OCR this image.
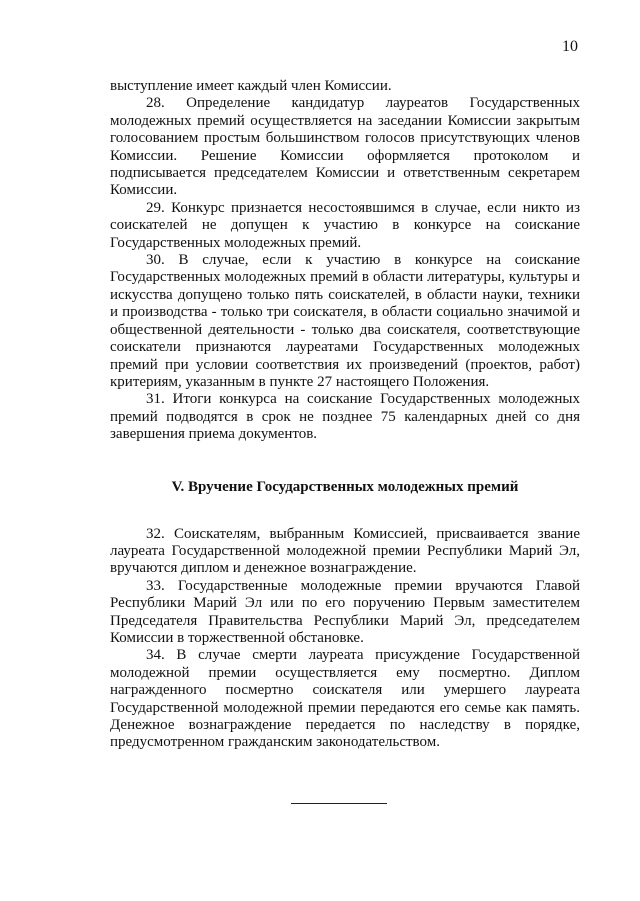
10

выступление имеет каждый член Комиссии.

28. Определение кандидатур лауреатов Государственных молодежных премий осуществляется на заседании Комиссии закрытым голосованием простым большинством голосов присутствующих членов Комиссии. Решение Комиссии оформляется протоколом и подписывается председателем Комиссии и ответственным секретарем Комиссии.

29. Конкурс признается несостоявшимся в случае, если никто из соискателей не допущен к участию в конкурсе на соискание Государственных молодежных премий.

30. В случае, если к участию в конкурсе на соискание Государственных молодежных премий в области литературы, культуры и искусства допущено только пять соискателей, в области науки, техники и производства - только три соискателя, в области социально значимой и общественной деятельности - только два соискателя, соответствующие соискатели признаются лауреатами Государственных молодежных премий при условии соответствия их произведений (проектов, работ) критериям, указанным в пункте 27 настоящего Положения.

31. Итоги конкурса на соискание Государственных молодежных премий подводятся в срок не позднее 75 календарных дней со дня завершения приема документов.

V. Вручение Государственных молодежных премий

32. Соискателям, выбранным Комиссией, присваивается звание лауреата Государственной молодежной премии Республики Марий Эл, вручаются диплом и денежное вознаграждение.

33. Государственные молодежные премии вручаются Главой Республики Марий Эл или по его поручению Первым заместителем Председателя Правительства Республики Марий Эл, председателем Комиссии в торжественной обстановке.

34. В случае смерти лауреата присуждение Государственной молодежной премии осуществляется ему посмертно. Диплом награжденного посмертно соискателя или умершего лауреата Государственной молодежной премии передаются его семье как память. Денежное вознаграждение передается по наследству в порядке, предусмотренном гражданским законодательством.
